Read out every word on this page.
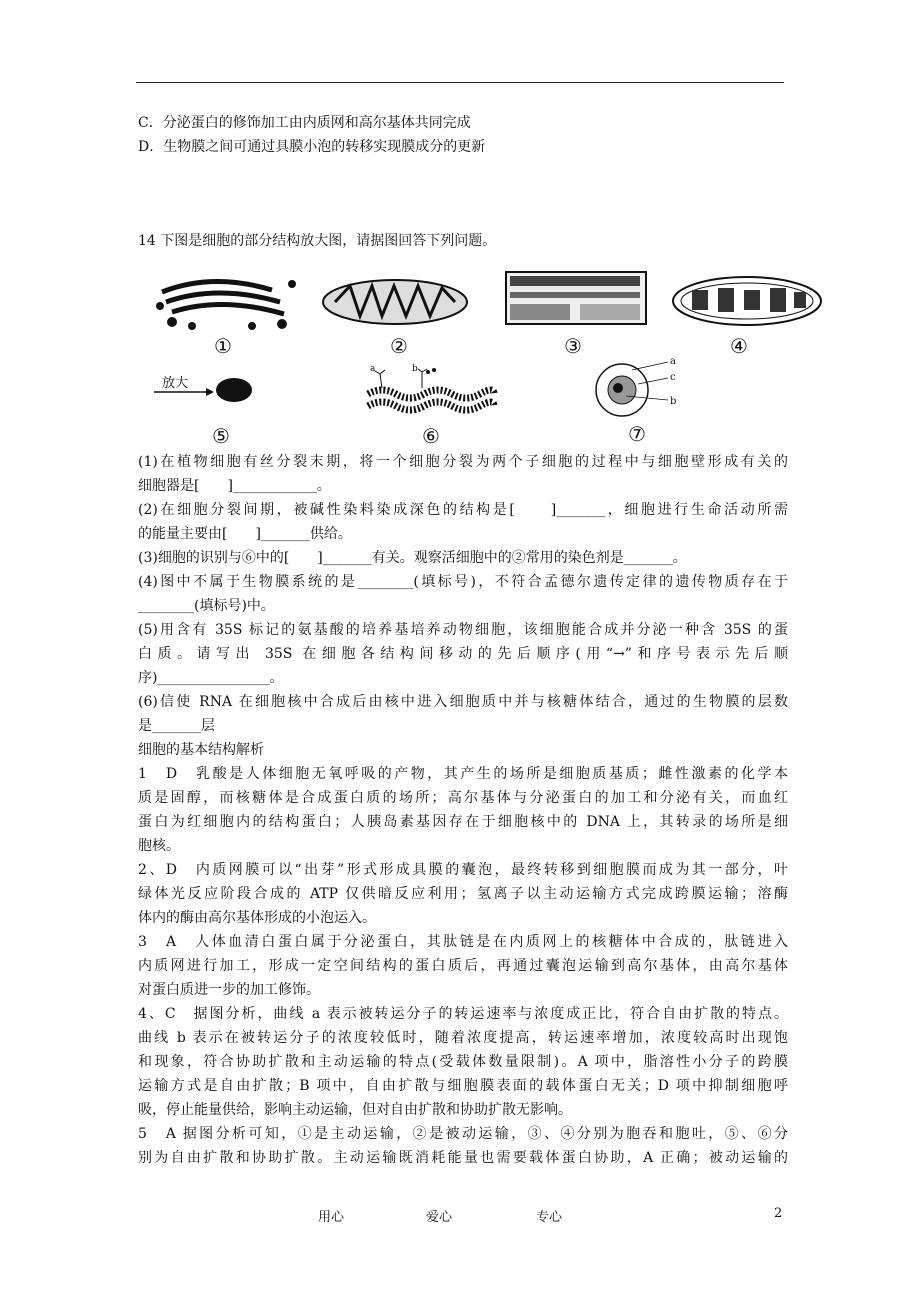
C．分泌蛋白的修饰加工由内质网和高尔基体共同完成
D．生物膜之间可通过具膜小泡的转移实现膜成分的更新
14 下图是细胞的部分结构放大图，请据图回答下列问题。
①	②	③	④
放大
⑤
b
a
⑥
a
c
b
⑦
(1)在植物细胞有丝分裂末期，将一个细胞分裂为两个子细胞的过程中与细胞壁形成有关的
细胞器是[　　]____________。
(2)在细胞分裂间期，被碱性染料染成深色的结构是[　　]_______，细胞进行生命活动所需
的能量主要由[　　]_______供给。
(3)细胞的识别与⑥中的[　　]_______有关。观察活细胞中的②常用的染色剂是_______。
(4)图中不属于生物膜系统的是________(填标号)，不符合孟德尔遗传定律的遗传物质存在于
________(填标号)中。
(5)用含有 35S 标记的氨基酸的培养基培养动物细胞，该细胞能合成并分泌一种含 35S 的蛋
白质。请写出 35S 在细胞各结构间移动的先后顺序(用“→”和序号表示先后顺
序)________________。
(6)信使 RNA 在细胞核中合成后由核中进入细胞质中并与核糖体结合，通过的生物膜的层数
是_______层
细胞的基本结构解析
1　D　乳酸是人体细胞无氧呼吸的产物，其产生的场所是细胞质基质；雌性激素的化学本
质是固醇，而核糖体是合成蛋白质的场所；高尔基体与分泌蛋白的加工和分泌有关，而血红
蛋白为红细胞内的结构蛋白；人胰岛素基因存在于细胞核中的 DNA 上，其转录的场所是细
胞核。
2、D　内质网膜可以“出芽”形式形成具膜的囊泡，最终转移到细胞膜而成为其一部分，叶
绿体光反应阶段合成的 ATP 仅供暗反应利用；氢离子以主动运输方式完成跨膜运输；溶酶
体内的酶由高尔基体形成的小泡运入。
3　A　人体血清白蛋白属于分泌蛋白，其肽链是在内质网上的核糖体中合成的，肽链进入
内质网进行加工，形成一定空间结构的蛋白质后，再通过囊泡运输到高尔基体，由高尔基体
对蛋白质进一步的加工修饰。
4、C　据图分析，曲线 a 表示被转运分子的转运速率与浓度成正比，符合自由扩散的特点。
曲线 b 表示在被转运分子的浓度较低时，随着浓度提高，转运速率增加，浓度较高时出现饱
和现象，符合协助扩散和主动运输的特点(受载体数量限制)。A 项中，脂溶性小分子的跨膜
运输方式是自由扩散；B 项中，自由扩散与细胞膜表面的载体蛋白无关；D 项中抑制细胞呼
吸，停止能量供给，影响主动运输，但对自由扩散和协助扩散无影响。
5　A 据图分析可知，①是主动运输，②是被动运输，③、④分别为胞吞和胞吐，⑤、⑥分
别为自由扩散和协助扩散。主动运输既消耗能量也需要载体蛋白协助，A 正确；被动运输的
用心	爱心	专心	2
